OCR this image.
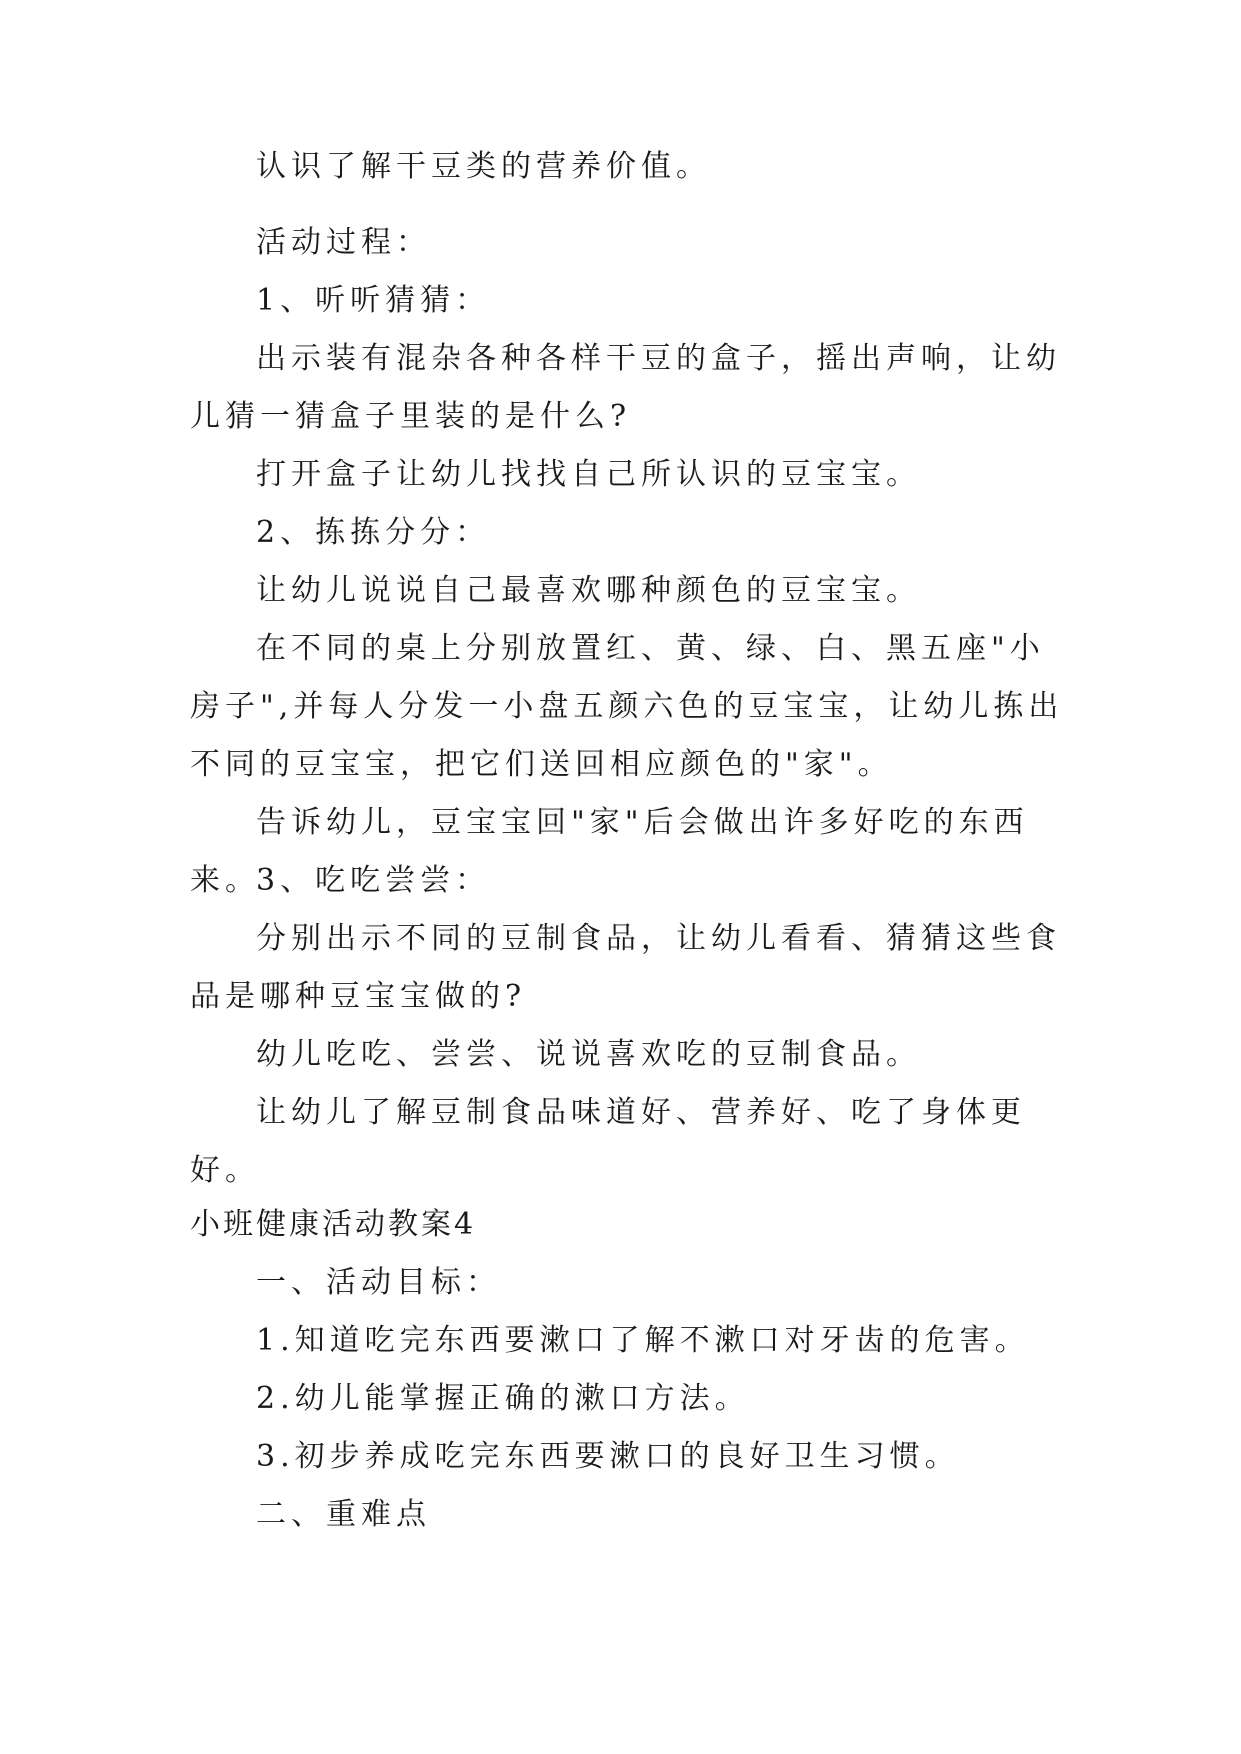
认识了解干豆类的营养价值。

活动过程：

1、听听猜猜：

出示装有混杂各种各样干豆的盒子，摇出声响，让幼儿猜一猜盒子里装的是什么?

打开盒子让幼儿找找自己所认识的豆宝宝。

2、拣拣分分：

让幼儿说说自己最喜欢哪种颜色的豆宝宝。

在不同的桌上分别放置红、黄、绿、白、黑五座"小房子",并每人分发一小盘五颜六色的豆宝宝，让幼儿拣出不同的豆宝宝，把它们送回相应颜色的"家"。

告诉幼儿，豆宝宝回"家"后会做出许多好吃的东西来。

3、吃吃尝尝：

分别出示不同的豆制食品，让幼儿看看、猜猜这些食品是哪种豆宝宝做的?

幼儿吃吃、尝尝、说说喜欢吃的豆制食品。

让幼儿了解豆制食品味道好、营养好、吃了身体更好。

小班健康活动教案4

一、活动目标：

1.知道吃完东西要漱口了解不漱口对牙齿的危害。

2.幼儿能掌握正确的漱口方法。

3.初步养成吃完东西要漱口的良好卫生习惯。

二、重难点
